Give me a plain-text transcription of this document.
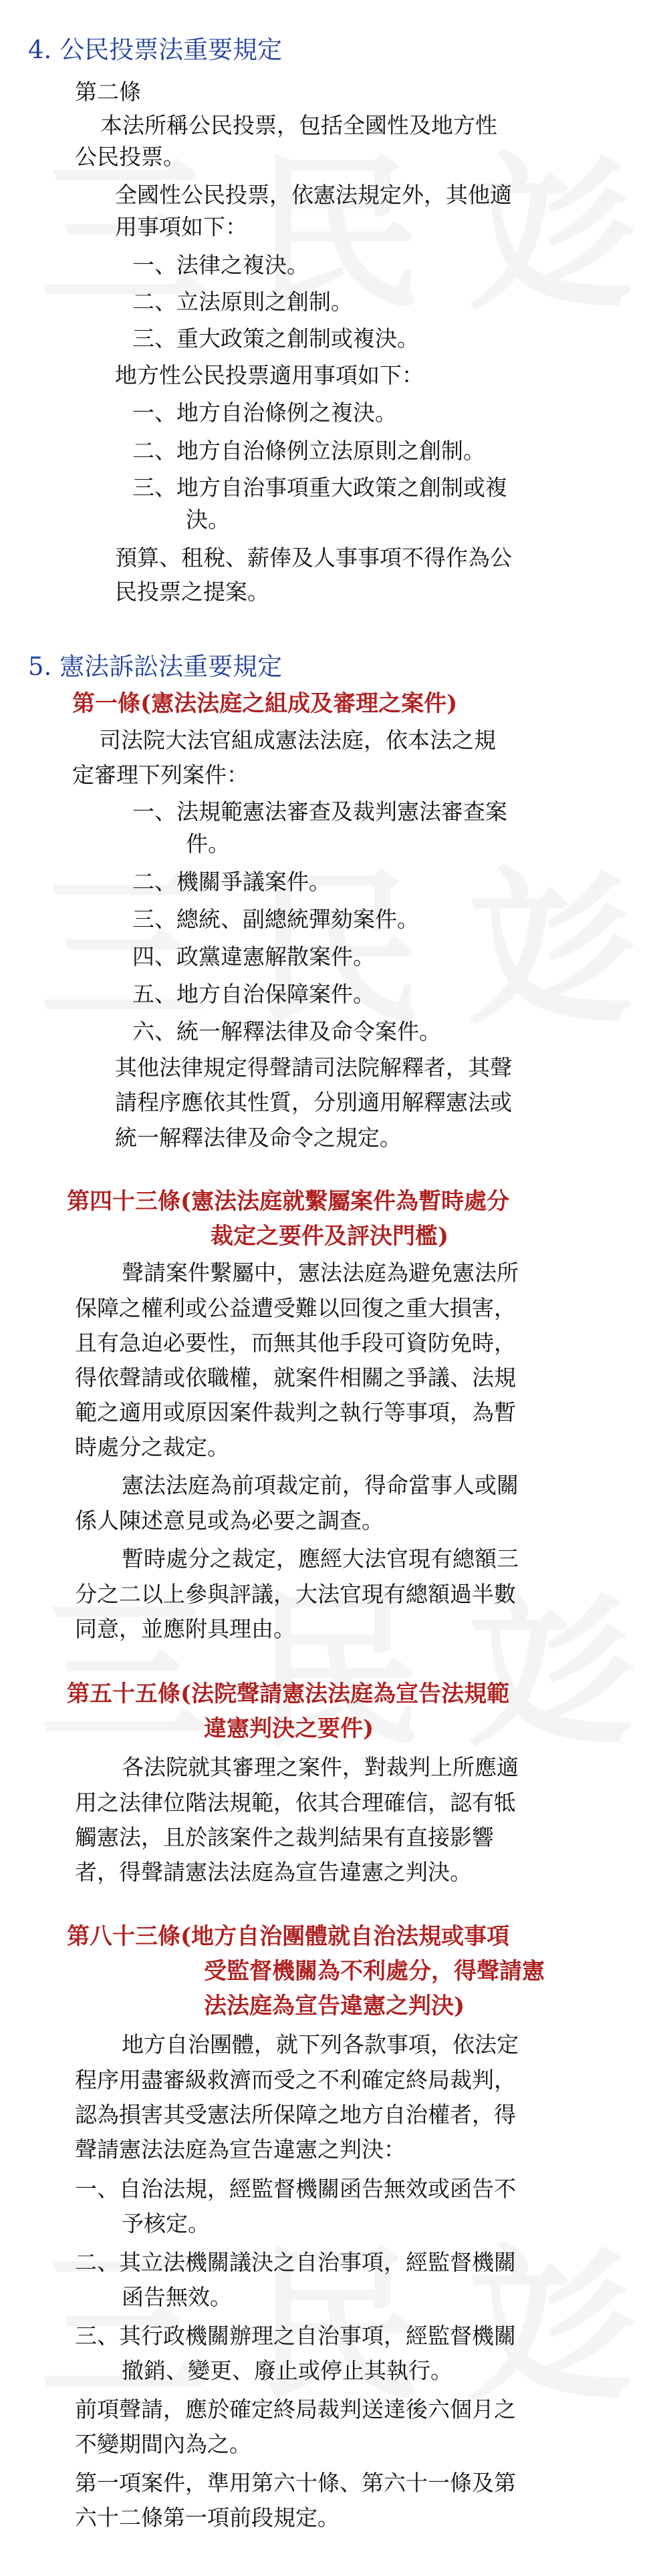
4. 公民投票法重要規定
第二條
本法所稱公民投票，包括全國性及地方性
公民投票。
全國性公民投票，依憲法規定外，其他適
用事項如下：
一、法律之複決。
二、立法原則之創制。
三、重大政策之創制或複決。
地方性公民投票適用事項如下：
一、地方自治條例之複決。
二、地方自治條例立法原則之創制。
三、地方自治事項重大政策之創制或複
決。
預算、租稅、薪俸及人事事項不得作為公
民投票之提案。
5. 憲法訴訟法重要規定
第一條(憲法法庭之組成及審理之案件)
司法院大法官組成憲法法庭，依本法之規
定審理下列案件：
一、法規範憲法審查及裁判憲法審查案
件。
二、機關爭議案件。
三、總統、副總統彈劾案件。
四、政黨違憲解散案件。
五、地方自治保障案件。
六、統一解釋法律及命令案件。
其他法律規定得聲請司法院解釋者，其聲
請程序應依其性質，分別適用解釋憲法或
統一解釋法律及命令之規定。
第四十三條(憲法法庭就繫屬案件為暫時處分
裁定之要件及評決門檻)
聲請案件繫屬中，憲法法庭為避免憲法所
保障之權利或公益遭受難以回復之重大損害，
且有急迫必要性，而無其他手段可資防免時，
得依聲請或依職權，就案件相關之爭議、法規
範之適用或原因案件裁判之執行等事項，為暫
時處分之裁定。
憲法法庭為前項裁定前，得命當事人或關
係人陳述意見或為必要之調查。
暫時處分之裁定，應經大法官現有總額三
分之二以上參與評議，大法官現有總額過半數
同意，並應附具理由。
第五十五條(法院聲請憲法法庭為宣告法規範
違憲判決之要件)
各法院就其審理之案件，對裁判上所應適
用之法律位階法規範，依其合理確信，認有牴
觸憲法，且於該案件之裁判結果有直接影響
者，得聲請憲法法庭為宣告違憲之判決。
第八十三條(地方自治團體就自治法規或事項
受監督機關為不利處分，得聲請憲
法法庭為宣告違憲之判決)
地方自治團體，就下列各款事項，依法定
程序用盡審級救濟而受之不利確定終局裁判，
認為損害其受憲法所保障之地方自治權者，得
聲請憲法法庭為宣告違憲之判決：
一、自治法規，經監督機關函告無效或函告不
予核定。
二、其立法機關議決之自治事項，經監督機關
函告無效。
三、其行政機關辦理之自治事項，經監督機關
撤銷、變更、廢止或停止其執行。
前項聲請，應於確定終局裁判送達後六個月之
不變期間內為之。
第一項案件，準用第六十條、第六十一條及第
六十二條第一項前段規定。
